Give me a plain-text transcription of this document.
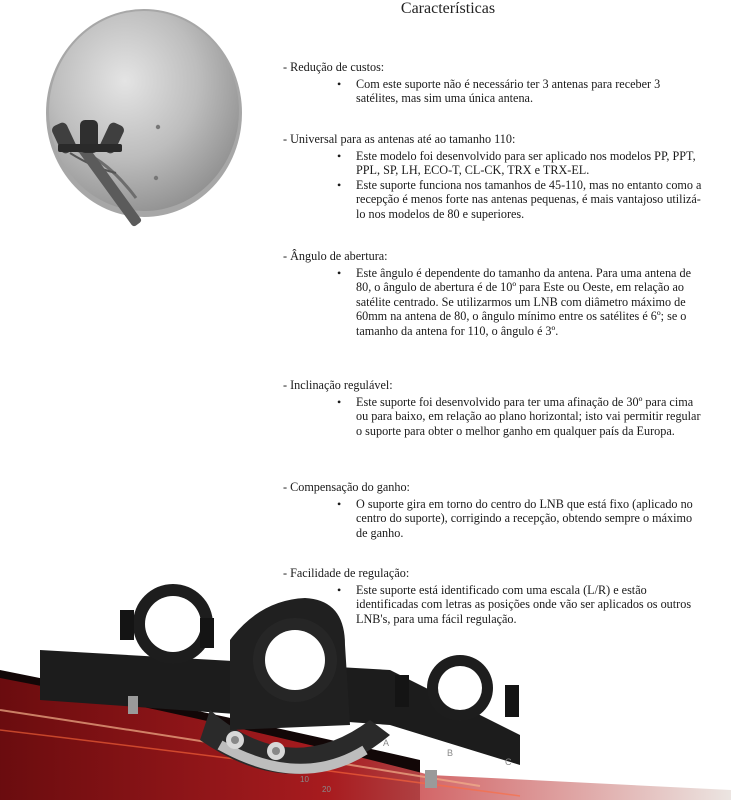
Características

- Redução de custos:

• Com este suporte não é necessário ter 3 antenas para receber 3 satélites, mas sim uma única antena.

- Universal para as antenas até ao tamanho 110:

• Este modelo foi desenvolvido para ser aplicado nos modelos PP, PPT, PPL, SP, LH, ECO-T, CL-CK, TRX e TRX-EL.
• Este suporte funciona nos tamanhos de 45-110, mas no entanto como a recepção é menos forte nas antenas pequenas, é mais vantajoso utilizá-lo nos modelos de 80 e superiores.

- Ângulo de abertura:

• Este ângulo é dependente do tamanho da antena. Para uma antena de 80, o ângulo de abertura é de 10º para Este ou Oeste, em relação ao satélite centrado. Se utilizarmos um LNB com diâmetro máximo de 60mm na antena de 80, o ângulo mínimo entre os satélites é 6º; se o tamanho da antena for 110, o ângulo é 3º.

- Inclinação regulável:

• Este suporte foi desenvolvido para ter uma afinação de 30º para cima ou para baixo, em relação ao plano horizontal; isto vai permitir regular o suporte para obter o melhor ganho em qualquer país da Europa.

- Compensação do ganho:

• O suporte gira em torno do centro do LNB que está fixo (aplicado no centro do suporte), corrigindo a recepção, obtendo sempre o máximo de ganho.

- Facilidade de regulação:

• Este suporte está identificado com uma escala (L/R) e estão identificadas com letras as posições onde vão ser aplicados os outros LNB's, para uma fácil regulação.
A
B
C
10
20
